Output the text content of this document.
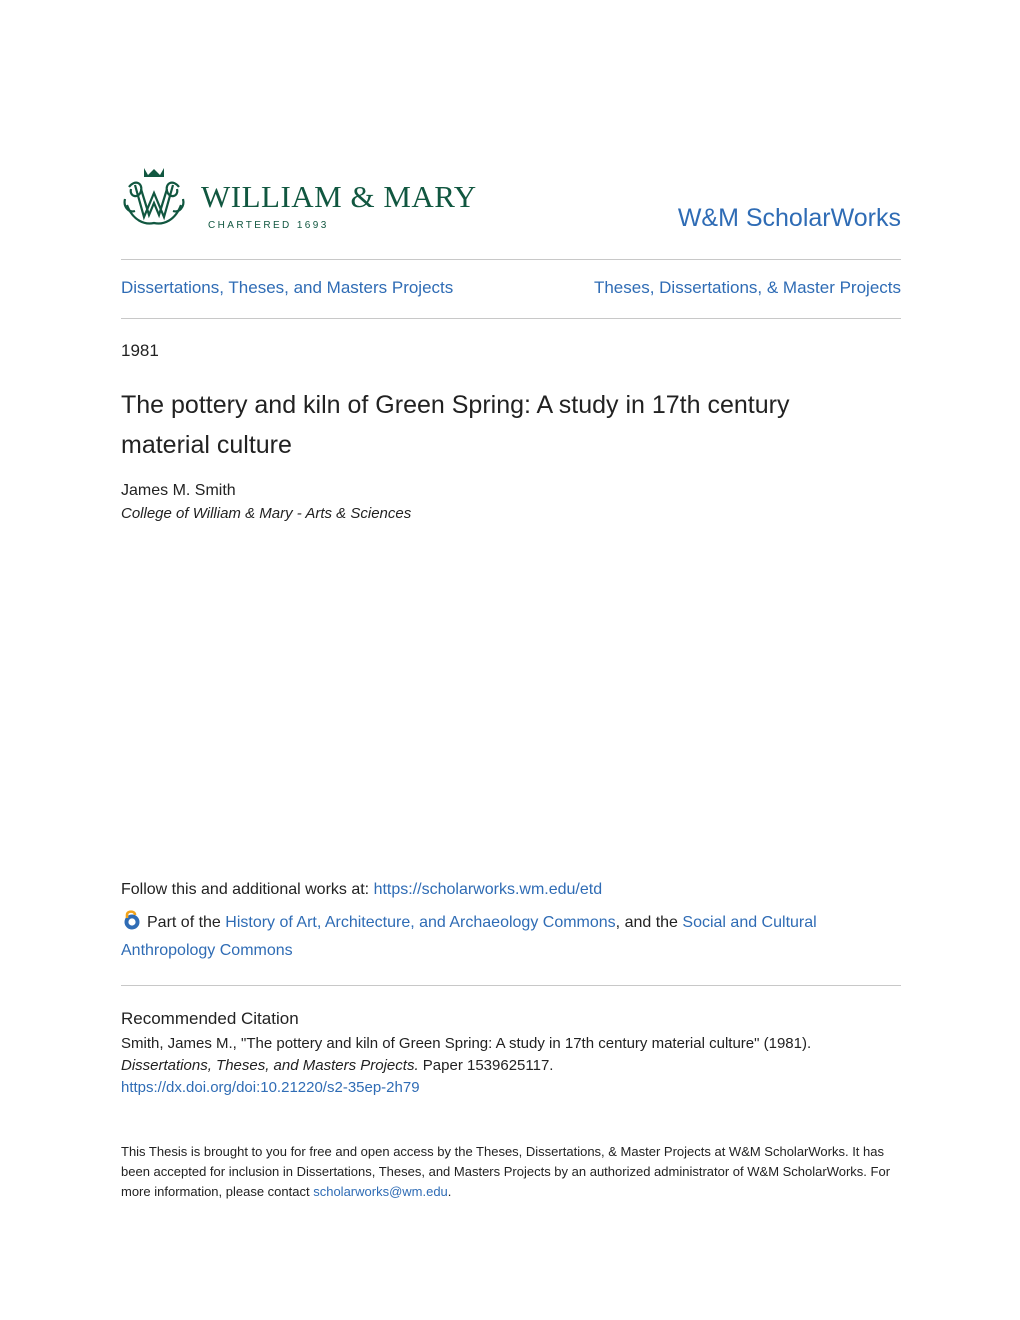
WILLIAM & MARY
CHARTERED 1693	W&M ScholarWorks
Dissertations, Theses, and Masters Projects	Theses, Dissertations, & Master Projects
1981
The pottery and kiln of Green Spring: A study in 17th century material culture
James M. Smith
College of William & Mary - Arts & Sciences
Follow this and additional works at: https://scholarworks.wm.edu/etd
Part of the History of Art, Architecture, and Archaeology Commons, and the Social and Cultural Anthropology Commons
Recommended Citation
Smith, James M., "The pottery and kiln of Green Spring: A study in 17th century material culture" (1981).
Dissertations, Theses, and Masters Projects. Paper 1539625117.
https://dx.doi.org/doi:10.21220/s2-35ep-2h79
This Thesis is brought to you for free and open access by the Theses, Dissertations, & Master Projects at W&M ScholarWorks. It has been accepted for inclusion in Dissertations, Theses, and Masters Projects by an authorized administrator of W&M ScholarWorks. For more information, please contact scholarworks@wm.edu.
